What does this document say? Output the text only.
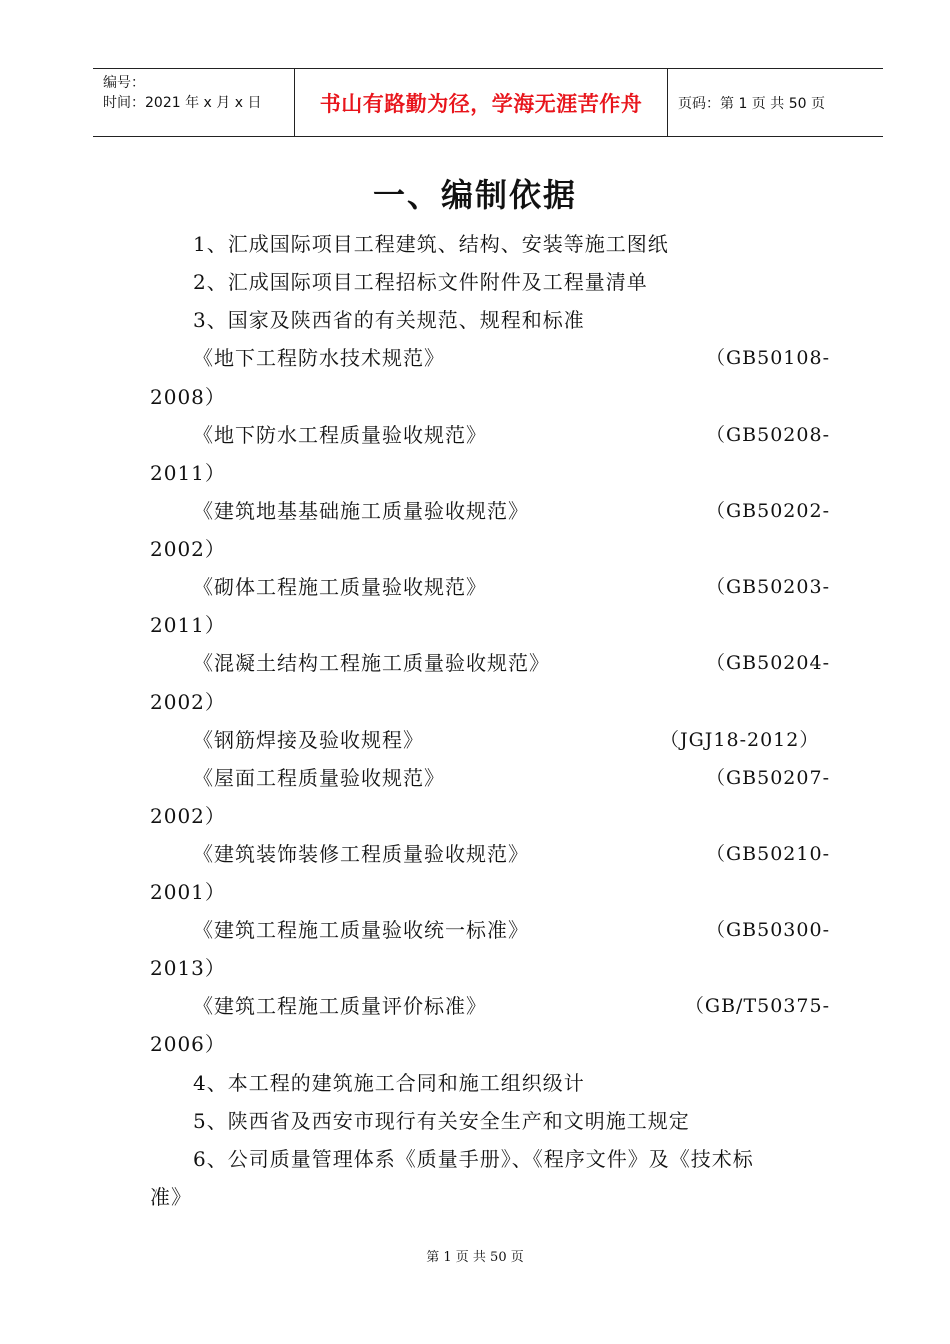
编号：
时间：2021 年 x 月 x 日	书山有路勤为径，学海无涯苦作舟	页码：第 1 页 共 50 页
一、编制依据
1、汇成国际项目工程建筑、结构、安装等施工图纸
2、汇成国际项目工程招标文件附件及工程量清单
3、国家及陕西省的有关规范、规程和标准
《地下工程防水技术规范》	（GB50108-
2008）
《地下防水工程质量验收规范》	（GB50208-
2011）
《建筑地基基础施工质量验收规范》	（GB50202-
2002）
《砌体工程施工质量验收规范》	（GB50203-
2011）
《混凝土结构工程施工质量验收规范》	（GB50204-
2002）
《钢筋焊接及验收规程》	（JGJ18-2012）
《屋面工程质量验收规范》	（GB50207-
2002）
《建筑装饰装修工程质量验收规范》	（GB50210-
2001）
《建筑工程施工质量验收统一标准》	（GB50300-
2013）
《建筑工程施工质量评价标准》	（GB/T50375-
2006）
4、本工程的建筑施工合同和施工组织级计
5、陕西省及西安市现行有关安全生产和文明施工规定
6、公司质量管理体系《质量手册》、《程序文件》及《技术标
准》
第 1 页 共 50 页
